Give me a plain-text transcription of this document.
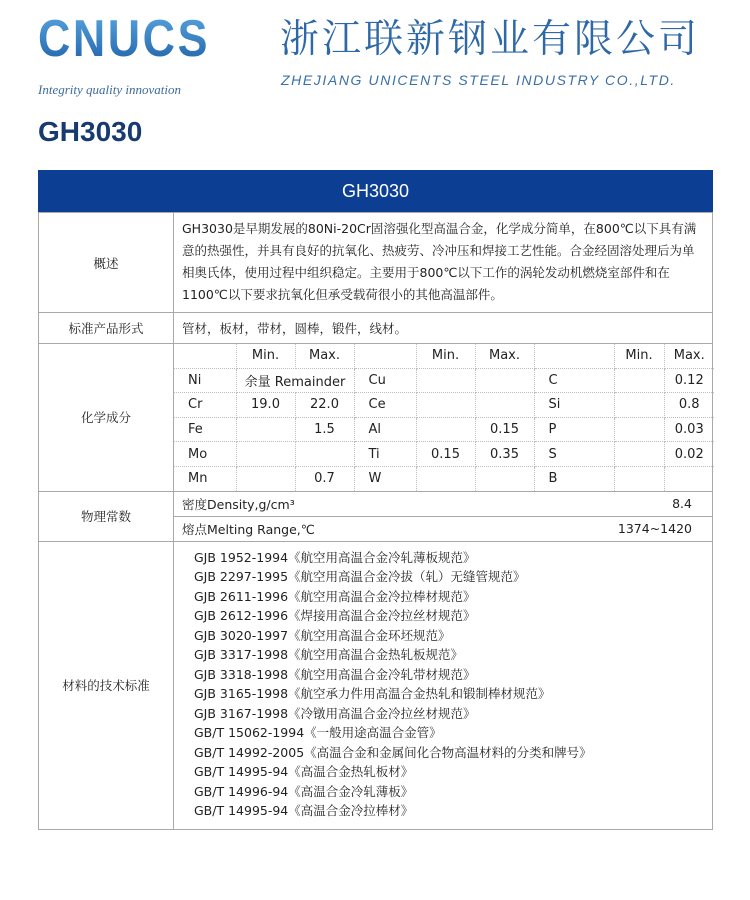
CNUCS
Integrity quality innovation
浙江联新钢业有限公司
ZHEJIANG UNICENTS STEEL INDUSTRY CO.,LTD.
GH3030
GH3030
概述	GH3030是早期发展的80Ni-20Cr固溶强化型高温合金，化学成分简单，在800℃以下具有满意的热强性，并具有良好的抗氧化、热疲劳、冷冲压和焊接工艺性能。合金经固溶处理后为单相奥氏体，使用过程中组织稳定。主要用于800℃以下工作的涡轮发动机燃烧室部件和在1100℃以下要求抗氧化但承受载荷很小的其他高温部件。
标准产品形式	管材，板材，带材，圆棒，锻件，线材。
化学成分	
	Min.	Max.		Min.	Max.		Min.	Max.
Ni	余量 Remainder	Cu			C		0.12
Cr	19.0	22.0	Ce			Si		0.8
Fe		1.5	Al		0.15	P		0.03
Mo			Ti	0.15	0.35	S		0.02
Mn		0.7	W			B		

物理常数	
密度Density,g/cm³	8.4
熔点Melting Range,℃	1374~1420

材料的技术标准	
GJB 1952-1994《航空用高温合金冷轧薄板规范》
GJB 2297-1995《航空用高温合金冷拔（轧）无缝管规范》
GJB 2611-1996《航空用高温合金冷拉棒材规范》
GJB 2612-1996《焊接用高温合金冷拉丝材规范》
GJB 3020-1997《航空用高温合金环坯规范》
GJB 3317-1998《航空用高温合金热轧板规范》
GJB 3318-1998《航空用高温合金冷轧带材规范》
GJB 3165-1998《航空承力件用高温合金热轧和锻制棒材规范》
GJB 3167-1998《冷镦用高温合金冷拉丝材规范》
GB/T 15062-1994《一般用途高温合金管》
GB/T 14992-2005《高温合金和金属间化合物高温材料的分类和牌号》
GB/T 14995-94《高温合金热轧板材》
GB/T 14996-94《高温合金冷轧薄板》
GB/T 14995-94《高温合金冷拉棒材》
